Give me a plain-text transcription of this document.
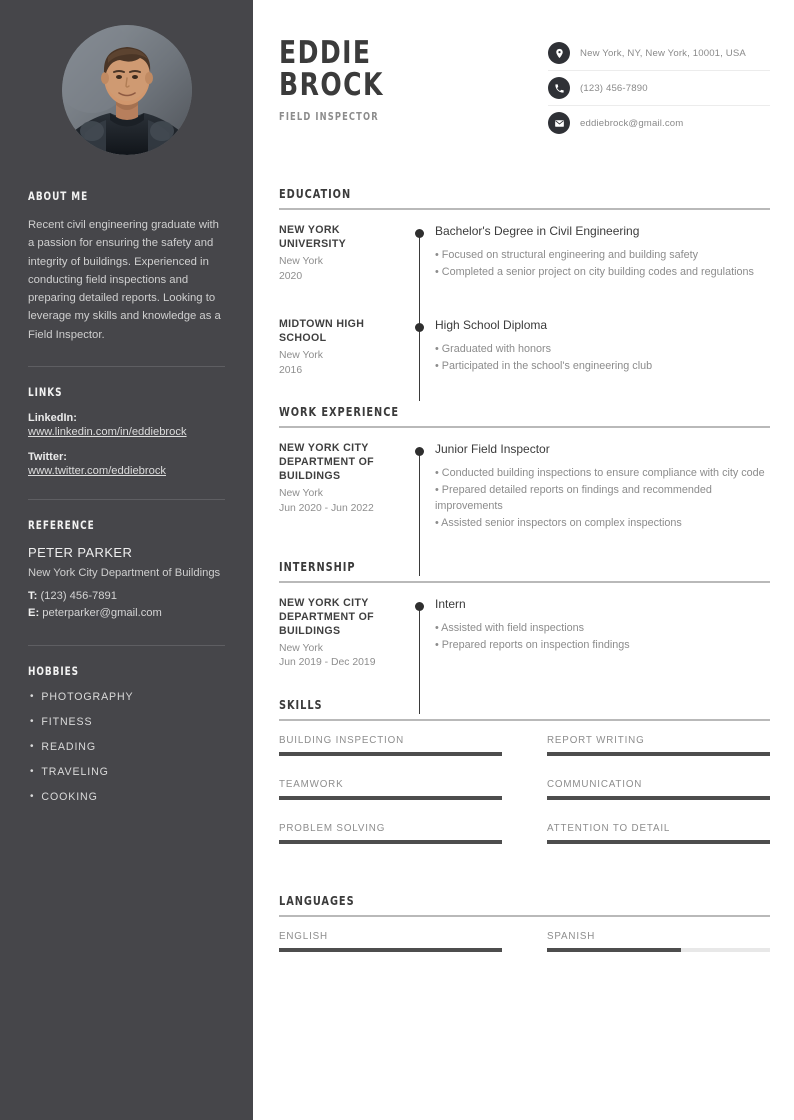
ABOUT ME
Recent civil engineering graduate with a passion for ensuring the safety and integrity of buildings. Experienced in conducting field inspections and preparing detailed reports. Looking to leverage my skills and knowledge as a Field Inspector.
LINKS
LinkedIn:
www.linkedin.com/in/eddiebrock
Twitter:
www.twitter.com/eddiebrock
REFERENCE
PETER PARKER
New York City Department of Buildings
T: (123) 456-7891
E: peterparker@gmail.com
HOBBIES
• PHOTOGRAPHY
• FITNESS
• READING
• TRAVELING
• COOKING
EDDIE
BROCK
FIELD INSPECTOR
New York, NY, New York, 10001, USA
(123) 456-7890
eddiebrock@gmail.com
EDUCATION
NEW YORK UNIVERSITY
New York
2020
Bachelor's Degree in Civil Engineering
• Focused on structural engineering and building safety
• Completed a senior project on city building codes and regulations
MIDTOWN HIGH SCHOOL
New York
2016
High School Diploma
• Graduated with honors
• Participated in the school's engineering club
WORK EXPERIENCE
NEW YORK CITY DEPARTMENT OF BUILDINGS
New York
Jun 2020 - Jun 2022
Junior Field Inspector
• Conducted building inspections to ensure compliance with city code
• Prepared detailed reports on findings and recommended improvements
• Assisted senior inspectors on complex inspections
INTERNSHIP
NEW YORK CITY DEPARTMENT OF BUILDINGS
New York
Jun 2019 - Dec 2019
Intern
• Assisted with field inspections
• Prepared reports on inspection findings
SKILLS
BUILDING INSPECTION	REPORT WRITING
TEAMWORK	COMMUNICATION
PROBLEM SOLVING	ATTENTION TO DETAIL
LANGUAGES
ENGLISH	SPANISH
